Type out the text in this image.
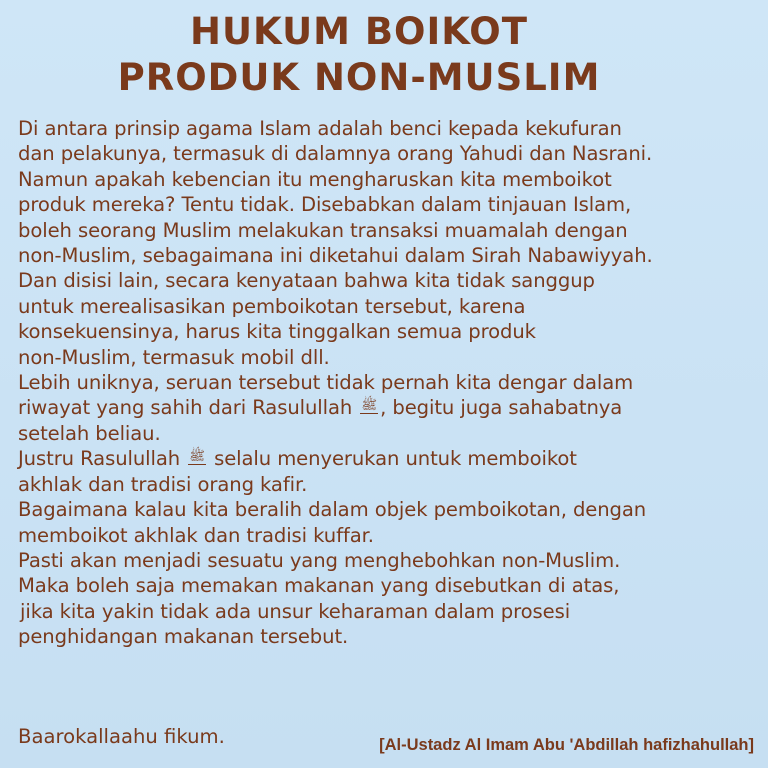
HUKUM BOIKOT
PRODUK NON-MUSLIM
Di antara prinsip agama Islam adalah benci kepada kekufuran
dan pelakunya, termasuk di dalamnya orang Yahudi dan Nasrani.
Namun apakah kebencian itu mengharuskan kita memboikot
produk mereka? Tentu tidak. Disebabkan dalam tinjauan Islam,
boleh seorang Muslim melakukan transaksi muamalah dengan
non-Muslim, sebagaimana ini diketahui dalam Sirah Nabawiyyah.
Dan disisi lain, secara kenyataan bahwa kita tidak sanggup
untuk merealisasikan pemboikotan tersebut, karena
konsekuensinya, harus kita tinggalkan semua produk
non-Muslim, termasuk mobil dll.
Lebih uniknya, seruan tersebut tidak pernah kita dengar dalam
riwayat yang sahih dari Rasulullah ﷺ , begitu juga sahabatnya
setelah beliau.
Justru Rasulullah ﷺ selalu menyerukan untuk memboikot
akhlak dan tradisi orang kafir.
Bagaimana kalau kita beralih dalam objek pemboikotan, dengan
memboikot akhlak dan tradisi kuffar.
Pasti akan menjadi sesuatu yang menghebohkan non-Muslim.
Maka boleh saja memakan makanan yang disebutkan di atas,
jika kita yakin tidak ada unsur keharaman dalam prosesi
penghidangan makanan tersebut.
Baarokallaahu fikum.	[Al-Ustadz Al Imam Abu 'Abdillah hafizhahullah]
